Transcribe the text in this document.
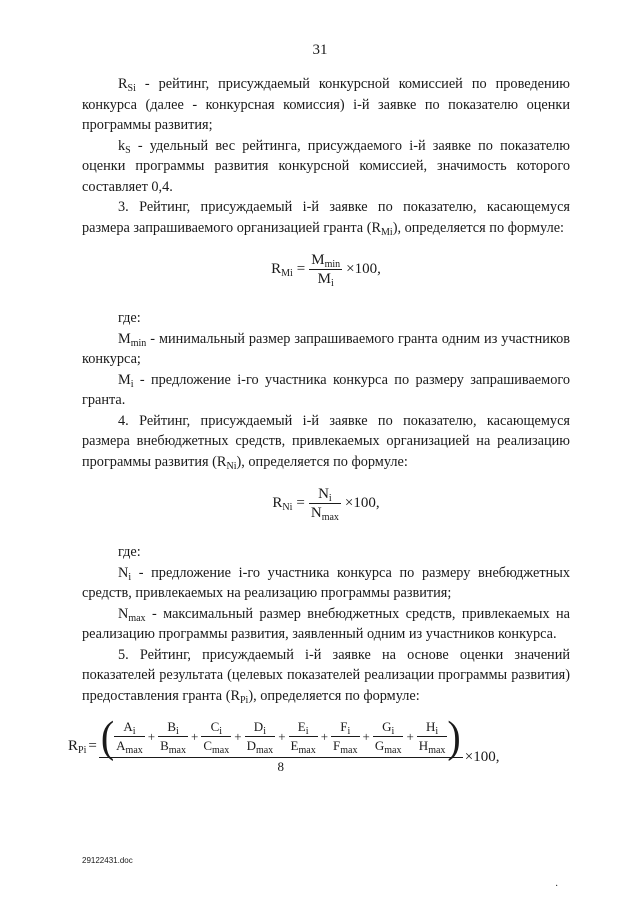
31

$R_{Si}$ - рейтинг, присуждаемый конкурсной комиссией по проведению конкурса (далее - конкурсная комиссия) i-й заявке по показателю оценки программы развития;

$k_S$ - удельный вес рейтинга, присуждаемого i-й заявке по показателю оценки программы развития конкурсной комиссией, значимость которого составляет 0,4.

3. Рейтинг, присуждаемый i-й заявке по показателю, касающемуся размера запрашиваемого организацией гранта $(R_{Mi})$, определяется по формуле:

$R_{Mi} = \frac{M_{min}}{M_i} \times 100$,

где:

$M_{min}$ - минимальный размер запрашиваемого гранта одним из участников конкурса;

$M_i$ - предложение i-го участника конкурса по размеру запрашиваемого гранта.

4. Рейтинг, присуждаемый i-й заявке по показателю, касающемуся размера внебюджетных средств, привлекаемых организацией на реализацию программы развития $(R_{Ni})$, определяется по формуле:

$R_{Ni} = \frac{N_i}{N_{max}} \times 100$,

где:

$N_i$ - предложение i-го участника конкурса по размеру внебюджетных средств, привлекаемых на реализацию программы развития;

$N_{max}$ - максимальный размер внебюджетных средств, привлекаемых на реализацию программы развития, заявленный одним из участников конкурса.

5. Рейтинг, присуждаемый i-й заявке на основе оценки значений показателей результата (целевых показателей реализации программы развития) предоставления гранта $(R_{Pi})$, определяется по формуле:

$R_{Pi}$ = ( $\frac{A_i}{A_{max}} + \frac{B_i}{B_{max}} + \frac{C_i}{C_{max}} + \frac{D_i}{D_{max}} + \frac{E_i}{E_{max}} + \frac{F_i}{F_{max}} + \frac{G_i}{G_{max}} + \frac{H_i}{H_{max}}$ )
8
×100,
29122431.doc
·
